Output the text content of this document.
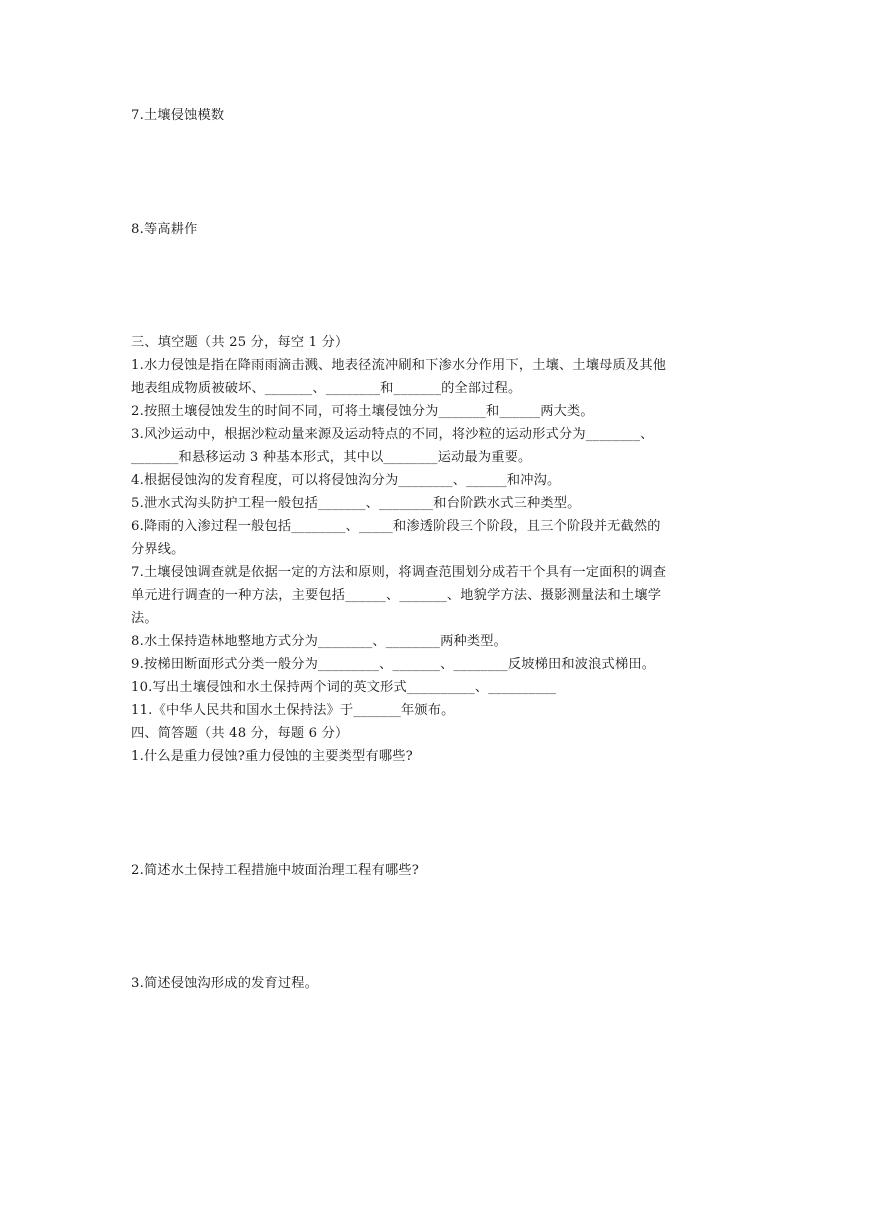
7.土壤侵蚀模数
8.等高耕作
三、填空题（共 25 分，每空 1 分）
1.水力侵蚀是指在降雨雨滴击溅、地表径流冲刷和下渗水分作用下，土壤、土壤母质及其他
地表组成物质被破坏、_______、________和_______的全部过程。
2.按照土壤侵蚀发生的时间不同，可将土壤侵蚀分为_______和______两大类。
3.风沙运动中，根据沙粒动量来源及运动特点的不同，将沙粒的运动形式分为________、
_______和悬移运动 3 种基本形式，其中以________运动最为重要。
4.根据侵蚀沟的发育程度，可以将侵蚀沟分为________、______和冲沟。
5.泄水式沟头防护工程一般包括_______、________和台阶跌水式三种类型。
6.降雨的入渗过程一般包括________、_____和渗透阶段三个阶段，且三个阶段并无截然的
分界线。
7.土壤侵蚀调查就是依据一定的方法和原则，将调查范围划分成若干个具有一定面积的调查
单元进行调查的一种方法，主要包括______、_______、地貌学方法、摄影测量法和土壤学
法。
8.水土保持造林地整地方式分为________、________两种类型。
9.按梯田断面形式分类一般分为_________、_______、________反坡梯田和波浪式梯田。
10.写出土壤侵蚀和水土保持两个词的英文形式__________、__________
11.《中华人民共和国水土保持法》于_______年颁布。
四、简答题（共 48 分，每题 6 分）
1.什么是重力侵蚀?重力侵蚀的主要类型有哪些?
2.简述水土保持工程措施中坡面治理工程有哪些?
3.简述侵蚀沟形成的发育过程。
